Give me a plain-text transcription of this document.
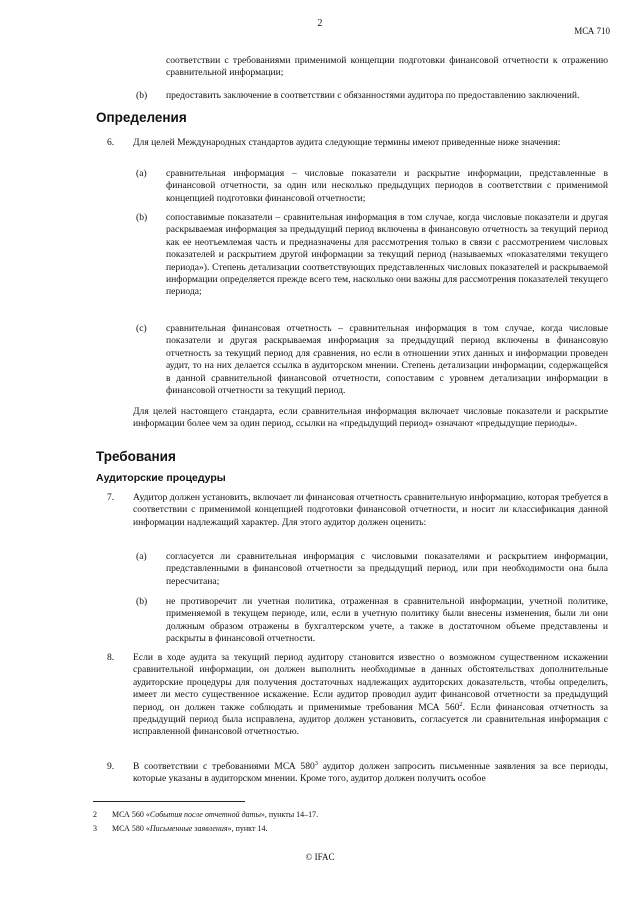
2
МСА 710
соответствии с требованиями применимой концепции подготовки финансовой отчетности к отражению сравнительной информации;
(b) предоставить заключение в соответствии с обязанностями аудитора по предоставлению заключений.
Определения
6. Для целей Международных стандартов аудита следующие термины имеют приведенные ниже значения:
(a) сравнительная информация – числовые показатели и раскрытие информации, представленные в финансовой отчетности, за один или несколько предыдущих периодов в соответствии с применимой концепцией подготовки финансовой отчетности;
(b) сопоставимые показатели – сравнительная информация в том случае, когда числовые показатели и другая раскрываемая информация за предыдущий период включены в финансовую отчетность за текущий период как ее неотъемлемая часть и предназначены для рассмотрения только в связи с рассмотрением числовых показателей и раскрытием другой информации за текущий период (называемых «показателями текущего периода»). Степень детализации соответствующих представленных числовых показателей и раскрываемой информации определяется прежде всего тем, насколько они важны для рассмотрения показателей текущего периода;
(c) сравнительная финансовая отчетность – сравнительная информация в том случае, когда числовые показатели и другая раскрываемая информация за предыдущий период включены в финансовую отчетность за текущий период для сравнения, но если в отношении этих данных и информации проведен аудит, то на них делается ссылка в аудиторском мнении. Степень детализации информации, содержащейся в данной сравнительной финансовой отчетности, сопоставим с уровнем детализации информации в финансовой отчетности за текущий период.
Для целей настоящего стандарта, если сравнительная информация включает числовые показатели и раскрытие информации более чем за один период, ссылки на «предыдущий период» означают «предыдущие периоды».
Требования
Аудиторские процедуры
7. Аудитор должен установить, включает ли финансовая отчетность сравнительную информацию, которая требуется в соответствии с применимой концепцией подготовки финансовой отчетности, и носит ли классификация данной информации надлежащий характер. Для этого аудитор должен оценить:
(a) согласуется ли сравнительная информация с числовыми показателями и раскрытием информации, представленными в финансовой отчетности за предыдущий период, или при необходимости она была пересчитана;
(b) не противоречит ли учетная политика, отраженная в сравнительной информации, учетной политике, применяемой в текущем периоде, или, если в учетную политику были внесены изменения, были ли они должным образом отражены в бухгалтерском учете, а также в достаточном объеме представлены и раскрыты в финансовой отчетности.
8. Если в ходе аудита за текущий период аудитору становится известно о возможном существенном искажении сравнительной информации, он должен выполнить необходимые в данных обстоятельствах дополнительные аудиторские процедуры для получения достаточных надлежащих аудиторских доказательств, чтобы определить, имеет ли место существенное искажение. Если аудитор проводил аудит финансовой отчетности за предыдущий период, он должен также соблюдать и применимые требования МСА $560^2$. Если финансовая отчетность за предыдущий период была исправлена, аудитор должен установить, согласуется ли сравнительная информация с исправленной финансовой отчетностью.
9. В соответствии с требованиями МСА $580^3$ аудитор должен запросить письменные заявления за все периоды, которые указаны в аудиторском мнении. Кроме того, аудитор должен получить особое
2 МСА 560 «События после отчетной даты», пункты 14–17.
3 МСА 580 «Письменные заявления», пункт 14.
© IFAC
